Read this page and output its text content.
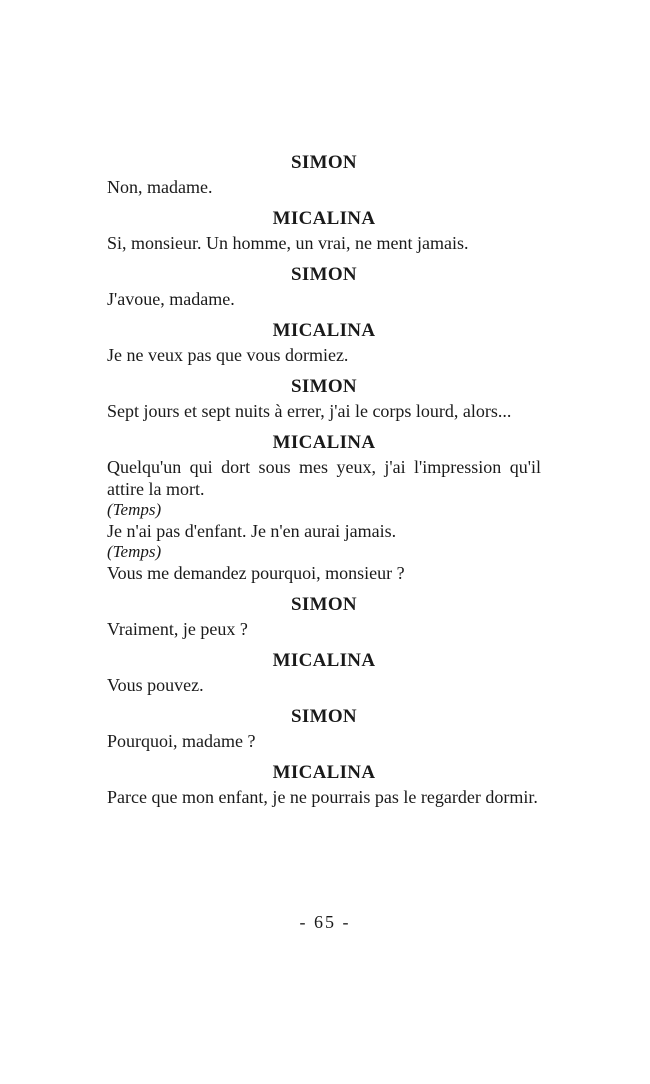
SIMON

Non, madame.

MICALINA

Si, monsieur. Un homme, un vrai, ne ment jamais.

SIMON

J'avoue, madame.

MICALINA

Je ne veux pas que vous dormiez.

SIMON

Sept jours et sept nuits à errer, j'ai le corps lourd, alors...

MICALINA

Quelqu'un qui dort sous mes yeux, j'ai l'impression qu'il attire la mort.

(Temps)

Je n'ai pas d'enfant. Je n'en aurai jamais.

(Temps)

Vous me demandez pourquoi, monsieur ?

SIMON

Vraiment, je peux ?

MICALINA

Vous pouvez.

SIMON

Pourquoi, madame ?

MICALINA

Parce que mon enfant, je ne pourrais pas le regarder dormir.

- 65 -
